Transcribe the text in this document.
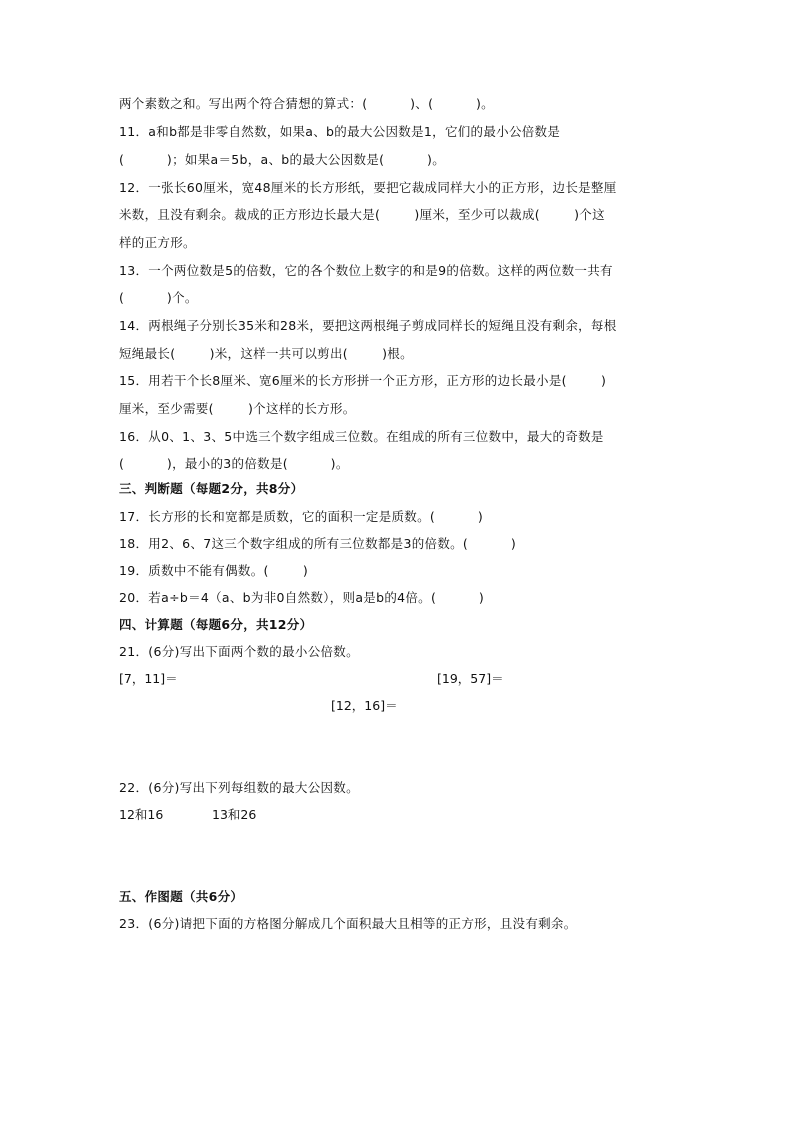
两个素数之和。写出两个符合猜想的算式：(          )、(          )。
11．a和b都是非零自然数，如果a、b的最大公因数是1，它们的最小公倍数是
(          )；如果a＝5b，a、b的最大公因数是(          )。
12．一张长60厘米，宽48厘米的长方形纸，要把它裁成同样大小的正方形，边长是整厘
米数，且没有剩余。裁成的正方形边长最大是(        )厘米，至少可以裁成(        )个这
样的正方形。
13．一个两位数是5的倍数，它的各个数位上数字的和是9的倍数。这样的两位数一共有
(          )个。
14．两根绳子分别长35米和28米，要把这两根绳子剪成同样长的短绳且没有剩余，每根
短绳最长(        )米，这样一共可以剪出(        )根。
15．用若干个长8厘米、宽6厘米的长方形拼一个正方形，正方形的边长最小是(        )
厘米，至少需要(        )个这样的长方形。
16．从0、1、3、5中选三个数字组成三位数。在组成的所有三位数中，最大的奇数是
(          )，最小的3的倍数是(          )。
三、判断题（每题2分，共8分）
17．长方形的长和宽都是质数，它的面积一定是质数。(          )
18．用2、6、7这三个数字组成的所有三位数都是3的倍数。(          )
19．质数中不能有偶数。(        )
20．若a÷b＝4（a、b为非0自然数），则a是b的4倍。(          )
四、计算题（每题6分，共12分）
21．(6分)写出下面两个数的最小公倍数。
[7，11]＝	[19，57]＝
[12，16]＝
22．(6分)写出下列每组数的最大公因数。
12和16	13和26
五、作图题（共6分）
23．(6分)请把下面的方格图分解成几个面积最大且相等的正方形，且没有剩余。
